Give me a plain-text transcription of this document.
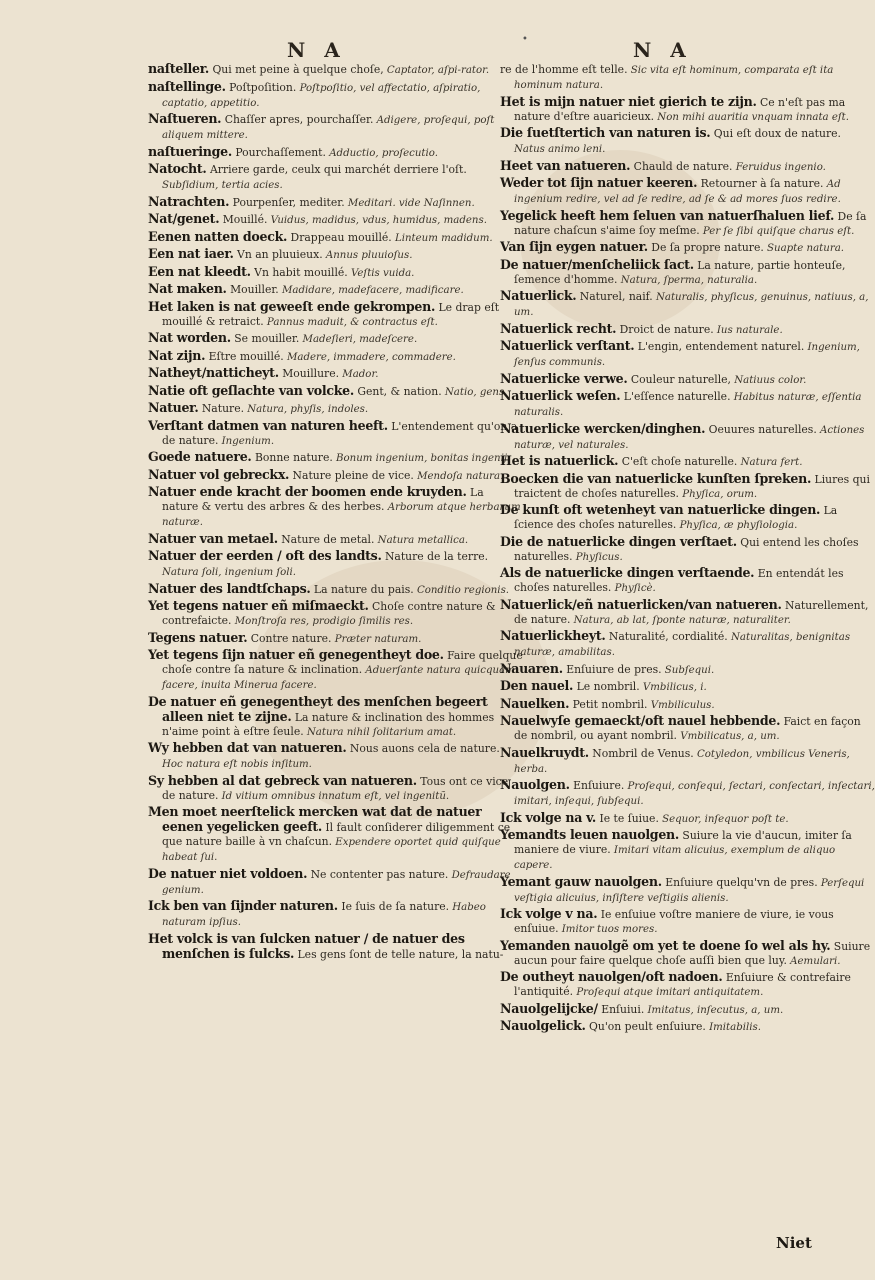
N A	•	N A
naſteller. Qui met peine à quelque choſe, Captator, aſpi-rator.
naſtellinge. Poſtpoſition. Poſtpoſitio, vel affectatio, aſpiratio, captatio, appetitio.
Naſtueren. Chaſſer apres, pourchaſſer. Adigere, proſequi, poſt aliquem mittere.
naſtueringe. Pourchaſſement. Adductio, proſecutio.
Natocht. Arriere garde, ceulx qui marchét derriere l'oſt. Subſidium, tertia acies.
Natrachten. Pourpenſer, mediter. Meditari. vide Naſinnen.
Nat/genet. Mouillé. Vuidus, madidus, vdus, humidus, madens.
Eenen natten doeck. Drappeau mouillé. Linteum madidum.
Een nat iaer. Vn an pluuieux. Annus pluuioſus.
Een nat kleedt. Vn habit mouillé. Veſtis vuida.
Nat maken. Mouiller. Madidare, madefacere, madificare.
Het laken is nat geweeſt ende gekrompen. Le drap eſt mouillé & retraict. Pannus maduit, & contractus eſt.
Nat worden. Se mouiller. Madeſieri, madeſcere.
Nat zijn. Eſtre mouillé. Madere, immadere, commadere.
Natheyt/natticheyt. Mouillure. Mador.
Natie oft geſlachte van volcke. Gent, & nation. Natio, gens.
Natuer. Nature. Natura, phyſis, indoles.
Verſtant datmen van naturen heeft. L'entendement qu'on a de nature. Ingenium.
Goede natuere. Bonne nature. Bonum ingenium, bonitas ingenij.
Natuer vol gebreckx. Nature pleine de vice. Mendoſa natura.
Natuer ende kracht der boomen ende kruyden. La nature & vertu des arbres & des herbes. Arborum atque herbarum naturæ.
Natuer van metael. Nature de metal. Natura metallica.
Natuer der eerden / oft des landts. Nature de la terre. Natura ſoli, ingenium ſoli.
Natuer des landtſchaps. La nature du pais. Conditio regionis.
Yet tegens natuer eñ miſmaeckt. Choſe contre nature & contrefaicte. Monſtroſa res, prodigio ſimilis res.
Tegens natuer. Contre nature. Præter naturam.
Yet tegens ſijn natuer eñ genegentheyt doe. Faire quelque choſe contre ſa nature & inclination. Aduerſante natura quicquam facere, inuita Minerua facere.
De natuer eñ genegentheyt des menſchen begeert alleen niet te zijne. La nature & inclination des hommes n'aime point à eſtre ſeule. Natura nihil ſolitarium amat.
Wy hebben dat van natueren. Nous auons cela de nature. Hoc natura eſt nobis inſitum.
Sy hebben al dat gebreck van natueren. Tous ont ce vice de nature. Id vitium omnibus innatum eſt, vel ingenitũ.
Men moet neerſtelick mercken wat dat de natuer eenen yegelicken geeft. Il fault conſiderer diligemment ce que nature baille à vn chaſcun. Expendere oportet quid quiſque habeat ſui.
De natuer niet voldoen. Ne contenter pas nature. Defraudare genium.
Ick ben van ſijnder naturen. Ie ſuis de ſa nature. Habeo naturam ipſius.
Het volck is van ſulcken natuer / de natuer des menſchen is ſulcks. Les gens ſont de telle nature, la natu-
re de l'homme eſt telle. Sic vita eſt hominum, comparata eſt ita hominum natura.
Het is mijn natuer niet gierich te zijn. Ce n'eſt pas ma nature d'eſtre auaricieux. Non mihi auaritia vnquam innata eſt.
Die ſuetſtertich van naturen is. Qui eſt doux de nature. Natus animo leni.
Heet van natueren. Chauld de nature. Feruidus ingenio.
Weder tot ſijn natuer keeren. Retourner à ſa nature. Ad ingenium redire, vel ad ſe redire, ad ſe & ad mores ſuos redire.
Yegelick heeft hem ſeluen van natuerſhaluen lief. De ſa nature chaſcun s'aime ſoy meſme. Per ſe ſibi quiſque charus eſt.
Van ſijn eygen natuer. De ſa propre nature. Suapte natura.
De natuer/menſcheliick ſact. La nature, partie honteuſe, ſemence d'homme. Natura, ſperma, naturalia.
Natuerlick. Naturel, naif. Naturalis, phyſicus, genuinus, natiuus, a, um.
Natuerlick recht. Droict de nature. Ius naturale.
Natuerlick verſtant. L'engin, entendement naturel. Ingenium, ſenſus communis.
Natuerlicke verwe. Couleur naturelle, Natiuus color.
Natuerlick weſen. L'eſſence naturelle. Habitus naturæ, eſſentia naturalis.
Natuerlicke wercken/dinghen. Oeuures naturelles. Actiones naturæ, vel naturales.
Het is natuerlick. C'eſt choſe naturelle. Natura fert.
Boecken die van natuerlicke kunſten ſpreken. Liures qui traictent de choſes naturelles. Phyſica, orum.
De kunſt oft wetenheyt van natuerlicke dingen. La ſcience des choſes naturelles. Phyſica, æ phyſiologia.
Die de natuerlicke dingen verſtaet. Qui entend les choſes naturelles. Phyſicus.
Als de natuerlicke dingen verſtaende. En entendát les choſes naturelles. Phyſicè.
Natuerlick/eñ natuerlicken/van natueren. Naturellement, de nature. Natura, ab lat, ſponte naturæ, naturaliter.
Natuerlickheyt. Naturalité, cordialité. Naturalitas, benignitas naturæ, amabilitas.
Nauaren. Enſuiure de pres. Subſequi.
Den nauel. Le nombril. Vmbilicus, i.
Nauelken. Petit nombril. Vmbiliculus.
Nauelwyſe gemaeckt/oft nauel hebbende. Faict en façon de nombril, ou ayant nombril. Vmbilicatus, a, um.
Nauelkruydt. Nombril de Venus. Cotyledon, vmbilicus Veneris, herba.
Nauolgen. Enſuiure. Proſequi, conſequi, ſectari, conſectari, inſectari, imitari, inſequi, ſubſequi.
Ick volge na v. Ie te ſuiue. Sequor, inſequor poſt te.
Yemandts leuen nauolgen. Suiure la vie d'aucun, imiter ſa maniere de viure. Imitari vitam alicuius, exemplum de aliquo capere.
Yemant gauw nauolgen. Enſuiure quelqu'vn de pres. Perſequi veſtigia alicuius, inſiſtere veſtigiis alienis.
Ick volge v na. Ie enſuiue voſtre maniere de viure, ie vous enſuiue. Imitor tuos mores.
Yemanden nauolgẽ om yet te doene ſo wel als hy. Suiure aucun pour faire quelque choſe auſſi bien que luy. Aemulari.
De outheyt nauolgen/oft nadoen. Enſuiure & contrefaire l'antiquité. Proſequi atque imitari antiquitatem.
Nauolgelijcke/ Enſuiui. Imitatus, inſecutus, a, um.
Nauolgelick. Qu'on peult enſuiure. Imitabilis.
Niet
